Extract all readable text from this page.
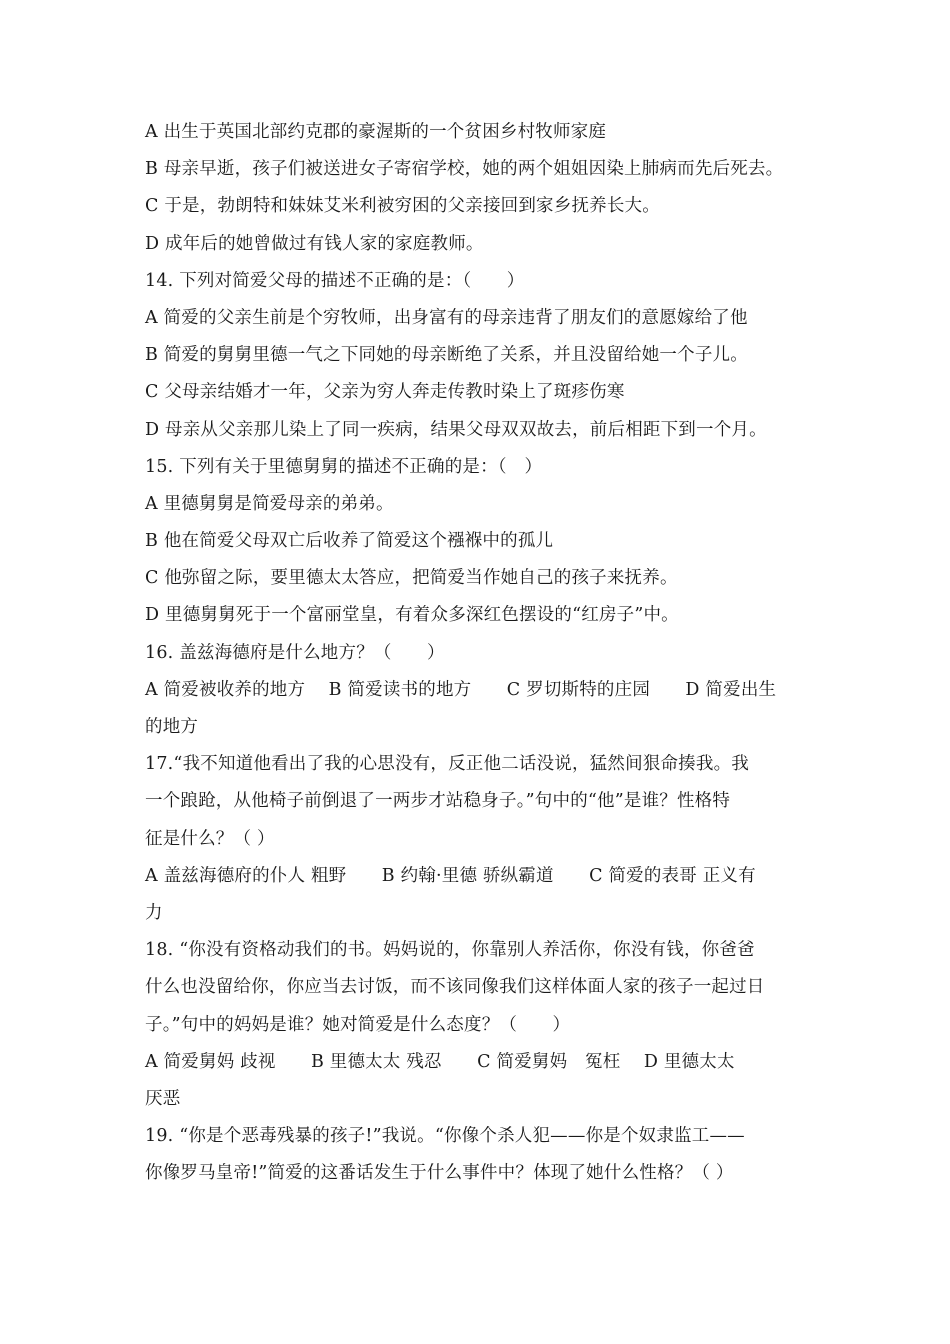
A 出生于英国北部约克郡的豪渥斯的一个贫困乡村牧师家庭
B 母亲早逝，孩子们被送进女子寄宿学校，她的两个姐姐因染上肺病而先后死去。
C 于是，勃朗特和妹妹艾米利被穷困的父亲接回到家乡抚养长大。
D 成年后的她曾做过有钱人家的家庭教师。
14. 下列对简爱父母的描述不正确的是：（　　）
A 简爱的父亲生前是个穷牧师，出身富有的母亲违背了朋友们的意愿嫁给了他
B 简爱的舅舅里德一气之下同她的母亲断绝了关系，并且没留给她一个子儿。
C 父母亲结婚才一年，父亲为穷人奔走传教时染上了斑疹伤寒
D 母亲从父亲那儿染上了同一疾病，结果父母双双故去，前后相距下到一个月。
15. 下列有关于里德舅舅的描述不正确的是：（　）
A 里德舅舅是简爱母亲的弟弟。
B 他在简爱父母双亡后收养了简爱这个襁褓中的孤儿
C 他弥留之际，要里德太太答应，把简爱当作她自己的孩子来抚养。
D 里德舅舅死于一个富丽堂皇，有着众多深红色摆设的“红房子”中。
16. 盖兹海德府是什么地方？（　　）
A 简爱被收养的地方　 B 简爱读书的地方　　C 罗切斯特的庄园　　D 简爱出生
的地方
17.“我不知道他看出了我的心思没有，反正他二话没说，猛然间狠命揍我。我
一个踉跄，从他椅子前倒退了一两步才站稳身子。”句中的“他”是谁？性格特
征是什么？（ ）
A 盖兹海德府的仆人 粗野　　B 约翰·里德 骄纵霸道　　C 简爱的表哥 正义有
力
18. “你没有资格动我们的书。妈妈说的，你靠别人养活你，你没有钱，你爸爸
什么也没留给你，你应当去讨饭，而不该同像我们这样体面人家的孩子一起过日
子。”句中的妈妈是谁？她对简爱是什么态度？（　　）
A 简爱舅妈 歧视　　B 里德太太 残忍　　C 简爱舅妈　冤枉　 D 里德太太
厌恶
19. “你是个恶毒残暴的孩子!”我说。“你像个杀人犯——你是个奴隶监工——
你像罗马皇帝!”简爱的这番话发生于什么事件中？体现了她什么性格？（ ）
